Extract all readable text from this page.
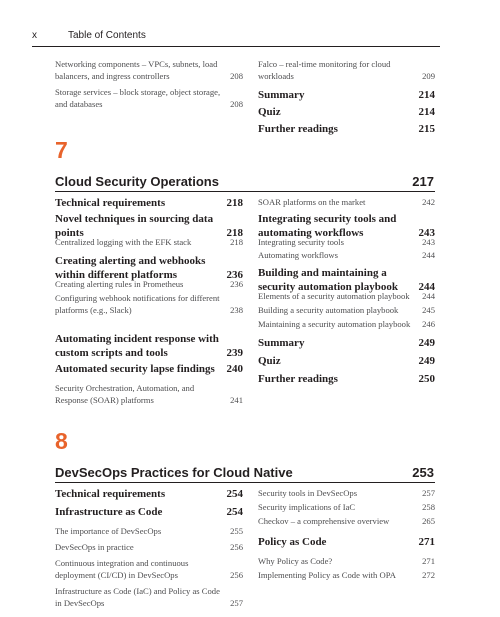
x	Table of Contents
Networking components – VPCs, subnets, load balancers, and ingress controllers	208
Storage services – block storage, object storage, and databases	208
Falco – real-time monitoring for cloud workloads	209
Summary	214
Quiz	214
Further readings	215
7
Cloud Security Operations	217
Technical requirements	218
Novel techniques in sourcing data points	218
Centralized logging with the EFK stack	218
Creating alerting and webhooks within different platforms	236
Creating alerting rules in Prometheus	236
Configuring webhook notifications for different platforms (e.g., Slack)	238
Automating incident response with custom scripts and tools	239
Automated security lapse findings	240
Security Orchestration, Automation, and Response (SOAR) platforms	241
SOAR platforms on the market	242
Integrating security tools and automating workflows	243
Integrating security tools	243
Automating workflows	244
Building and maintaining a security automation playbook	244
Elements of a security automation playbook	244
Building a security automation playbook	245
Maintaining a security automation playbook	246
Summary	249
Quiz	249
Further readings	250
8
DevSecOps Practices for Cloud Native	253
Technical requirements	254
Infrastructure as Code	254
The importance of DevSecOps	255
DevSecOps in practice	256
Continuous integration and continuous deployment (CI/CD) in DevSecOps	256
Infrastructure as Code (IaC) and Policy as Code in DevSecOps	257
Security tools in DevSecOps	257
Security implications of IaC	258
Checkov – a comprehensive overview	265
Policy as Code	271
Why Policy as Code?	271
Implementing Policy as Code with OPA	272
